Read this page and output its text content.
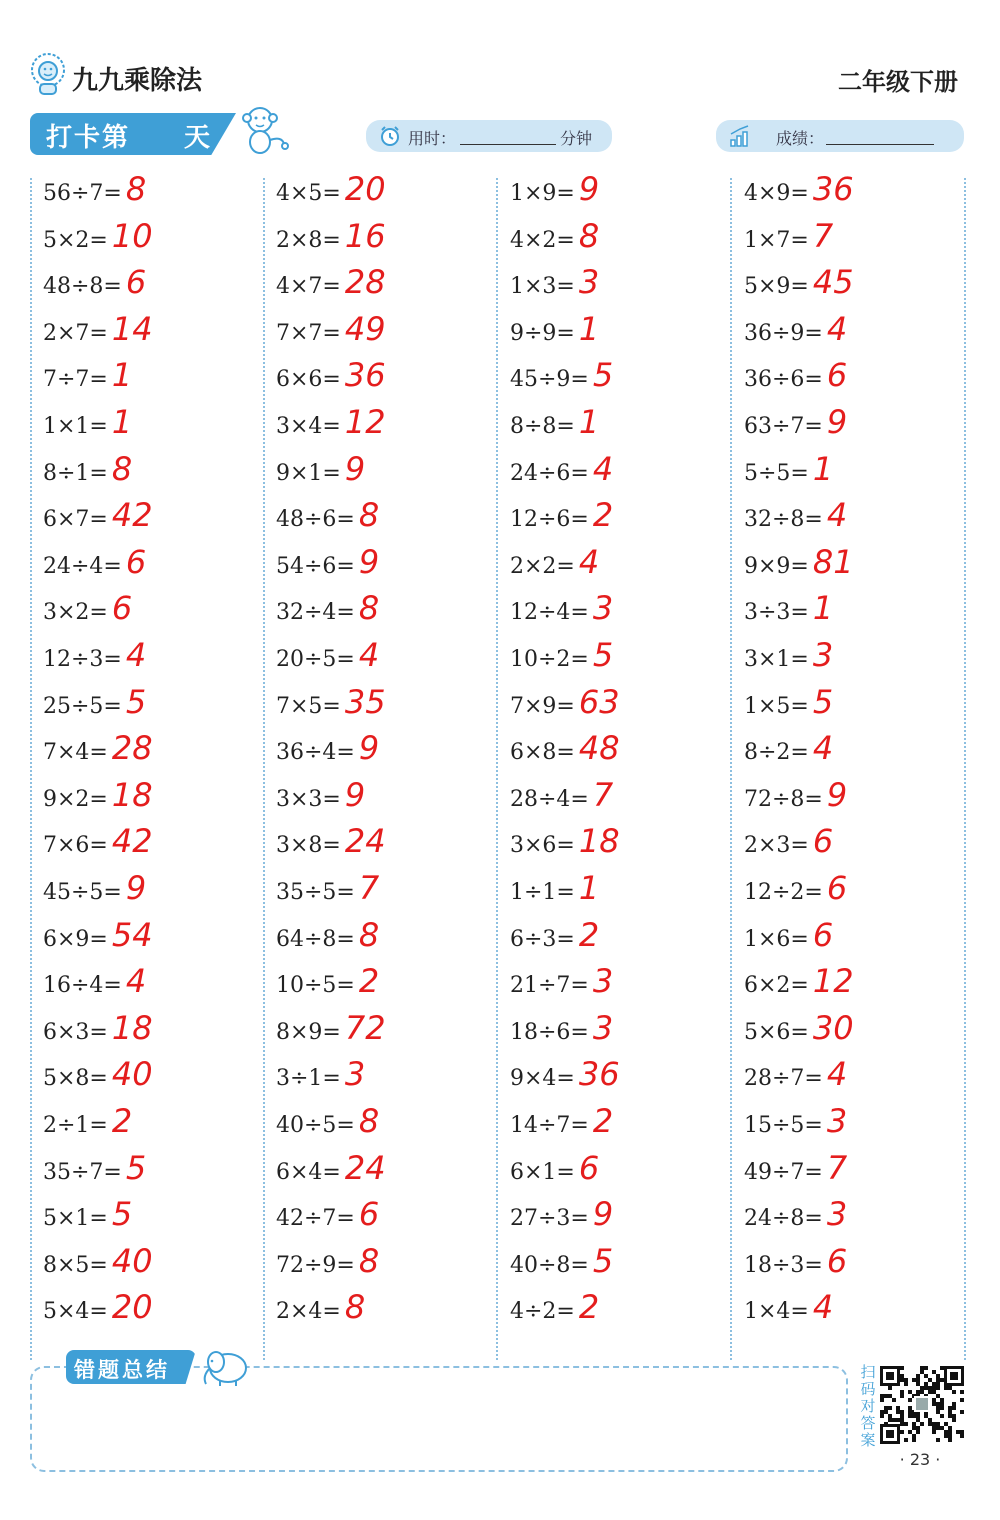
九九乘除法	二年级下册
打卡第 天	用时：	分钟	成绩：
56÷7= 8
5×2= 10
48÷8= 6
2×7= 14
7÷7= 1
1×1= 1
8÷1= 8
6×7= 42
24÷4= 6
3×2= 6
12÷3= 4
25÷5= 5
7×4= 28
9×2= 18
7×6= 42
45÷5= 9
6×9= 54
16÷4= 4
6×3= 18
5×8= 40
2÷1= 2
35÷7= 5
5×1= 5
8×5= 40
5×4= 20
4×5= 20
2×8= 16
4×7= 28
7×7= 49
6×6= 36
3×4= 12
9×1= 9
48÷6= 8
54÷6= 9
32÷4= 8
20÷5= 4
7×5= 35
36÷4= 9
3×3= 9
3×8= 24
35÷5= 7
64÷8= 8
10÷5= 2
8×9= 72
3÷1= 3
40÷5= 8
6×4= 24
42÷7= 6
72÷9= 8
2×4= 8
1×9= 9
4×2= 8
1×3= 3
9÷9= 1
45÷9= 5
8÷8= 1
24÷6= 4
12÷6= 2
2×2= 4
12÷4= 3
10÷2= 5
7×9= 63
6×8= 48
28÷4= 7
3×6= 18
1÷1= 1
6÷3= 2
21÷7= 3
18÷6= 3
9×4= 36
14÷7= 2
6×1= 6
27÷3= 9
40÷8= 5
4÷2= 2
4×9= 36
1×7= 7
5×9= 45
36÷9= 4
36÷6= 6
63÷7= 9
5÷5= 1
32÷8= 4
9×9= 81
3÷3= 1
3×1= 3
1×5= 5
8÷2= 4
72÷8= 9
2×3= 6
12÷2= 6
1×6= 6
6×2= 12
5×6= 30
28÷7= 4
15÷5= 3
49÷7= 7
24÷8= 3
18÷3= 6
1×4= 4
错题总结	扫码对答案
· 23 ·
